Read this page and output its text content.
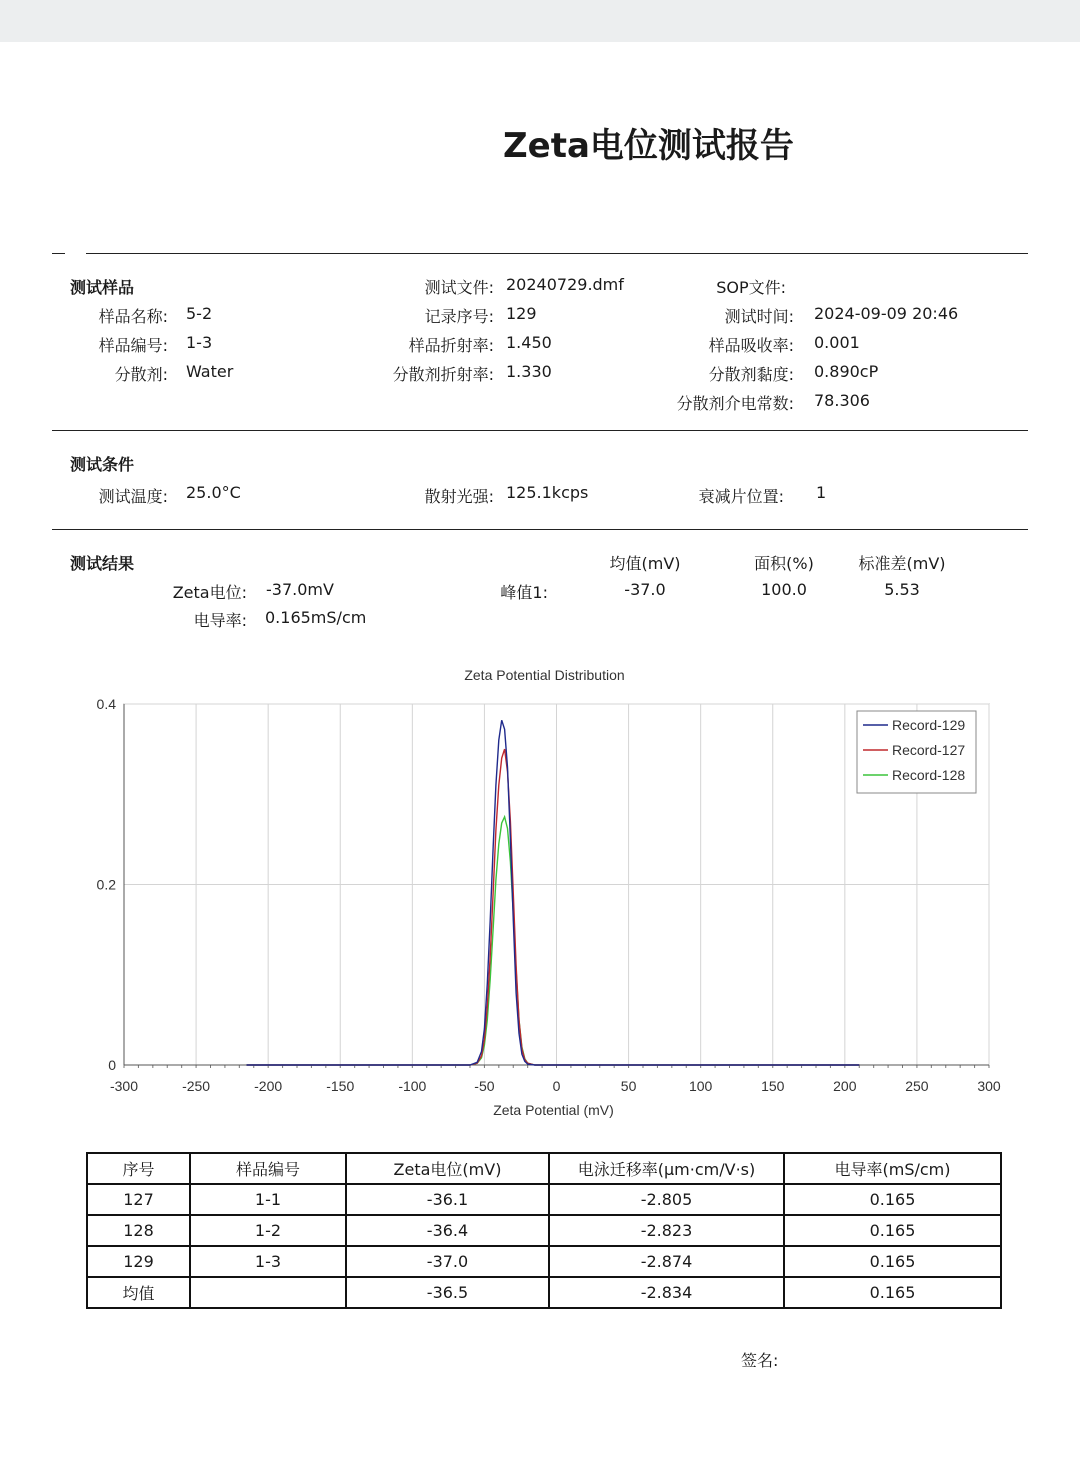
Zeta电位测试报告
测试样品
样品名称: 5-2
样品编号: 1-3
分散剂: Water
测试文件: 20240729.dmf
记录序号: 129
样品折射率: 1.450
分散剂折射率: 1.330
SOP文件:
测试时间: 2024-09-09 20:46
样品吸收率: 0.001
分散剂黏度: 0.890cP
分散剂介电常数: 78.306
测试条件
测试温度: 25.0°C	散射光强: 125.1kcps	衰减片位置: 1
测试结果	均值(mV)	面积(%)	标准差(mV)
Zeta电位: -37.0mV
电导率: 0.165mS/cm
峰值1:	-37.0	100.0	5.53
-300	-250	-200	-150	-100	-50	0	50	100	150	200	250	300
0
0.2
0.4
Zeta Potential Distribution
Zeta Potential (mV)
Record-129
Record-127
Record-128
序号	样品编号	Zeta电位(mV)	电泳迁移率(μm·cm/V·s)	电导率(mS/cm)
127	1-1	-36.1	-2.805	0.165
128	1-2	-36.4	-2.823	0.165
129	1-3	-37.0	-2.874	0.165
均值		-36.5	-2.834	0.165
签名:
